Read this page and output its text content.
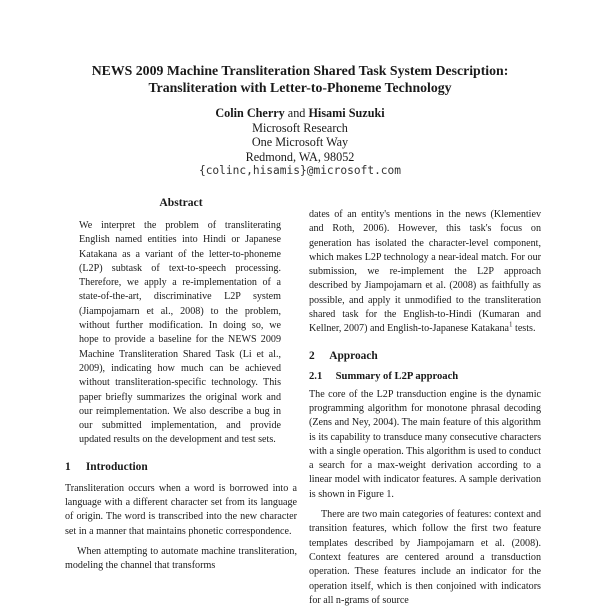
NEWS 2009 Machine Transliteration Shared Task System Description:
Transliteration with Letter-to-Phoneme Technology
Colin Cherry and Hisami Suzuki
Microsoft Research
One Microsoft Way
Redmond, WA, 98052
{colinc,hisamis}@microsoft.com
Abstract

We interpret the problem of transliterating English named entities into Hindi or Japanese Katakana as a variant of the letter-to-phoneme (L2P) subtask of text-to-speech processing. Therefore, we apply a re-implementation of a state-of-the-art, discriminative L2P system (Jiampojamarn et al., 2008) to the problem, without further modification. In doing so, we hope to provide a baseline for the NEWS 2009 Machine Transliteration Shared Task (Li et al., 2009), indicating how much can be achieved without transliteration-specific technology. This paper briefly summarizes the original work and our reimplementation. We also describe a bug in our submitted implementation, and provide updated results on the development and test sets.

1 Introduction

Transliteration occurs when a word is borrowed into a language with a different character set from its language of origin. The word is transcribed into the new character set in a manner that maintains phonetic correspondence.

When attempting to automate machine transliteration, modeling the channel that transforms

dates of an entity's mentions in the news (Klementiev and Roth, 2006). However, this task's focus on generation has isolated the character-level component, which makes L2P technology a near-ideal match. For our submission, we re-implement the L2P approach described by Jiampojamarn et al. (2008) as faithfully as possible, and apply it unmodified to the transliteration shared task for the English-to-Hindi (Kumaran and Kellner, 2007) and English-to-Japanese Katakana$^1$ tests.

2 Approach
2.1 Summary of L2P approach

The core of the L2P transduction engine is the dynamic programming algorithm for monotone phrasal decoding (Zens and Ney, 2004). The main feature of this algorithm is its capability to transduce many consecutive characters with a single operation. This algorithm is used to conduct a search for a max-weight derivation according to a linear model with indicator features. A sample derivation is shown in Figure 1.

There are two main categories of features: context and transition features, which follow the first two feature templates described by Jiampojamarn et al. (2008). Context features are centered around a transduction operation. These features include an indicator for the operation itself, which is then conjoined with indicators for all n-grams of source
